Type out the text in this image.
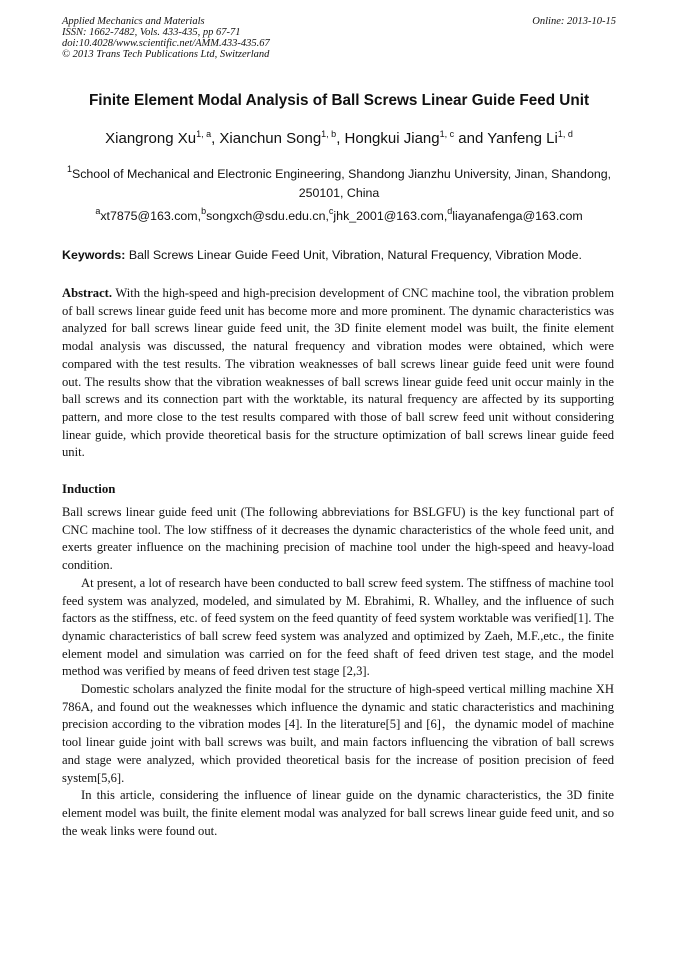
Applied Mechanics and Materials	Online: 2013-10-15
ISSN: 1662-7482, Vols. 433-435, pp 67-71
doi:10.4028/www.scientific.net/AMM.433-435.67
© 2013 Trans Tech Publications Ltd, Switzerland
Finite Element Modal Analysis of Ball Screws Linear Guide Feed Unit
Xiangrong Xu$^{1, a}$, Xianchun Song$^{1, b}$, Hongkui Jiang$^{1, c}$ and Yanfeng Li$^{1, d}$
$^1$School of Mechanical and Electronic Engineering, Shandong Jianzhu University, Jinan, Shandong, 250101, China
$^a$xt7875@163.com,$^b$songxch@sdu.edu.cn,$^c$jhk_2001@163.com,$^d$liayanafenga@163.com
Keywords: Ball Screws Linear Guide Feed Unit, Vibration, Natural Frequency, Vibration Mode.
Abstract. With the high-speed and high-precision development of CNC machine tool, the vibration problem of ball screws linear guide feed unit has become more and more prominent. The dynamic characteristics was analyzed for ball screws linear guide feed unit, the 3D finite element model was built, the finite element modal analysis was discussed, the natural frequency and vibration modes were obtained, which were compared with the test results. The vibration weaknesses of ball screws linear guide feed unit were found out. The results show that the vibration weaknesses of ball screws linear guide feed unit occur mainly in the ball screws and its connection part with the worktable, its natural frequency are affected by its supporting pattern, and more close to the test results compared with those of ball screw feed unit without considering linear guide, which provide theoretical basis for the structure optimization of ball screws linear guide feed unit.
Induction

Ball screws linear guide feed unit (The following abbreviations for BSLGFU) is the key functional part of CNC machine tool. The low stiffness of it decreases the dynamic characteristics of the whole feed unit, and exerts greater influence on the machining precision of machine tool under the high-speed and heavy-load condition.

At present, a lot of research have been conducted to ball screw feed system. The stiffness of machine tool feed system was analyzed, modeled, and simulated by M. Ebrahimi, R. Whalley, and the influence of such factors as the stiffness, etc. of feed system on the feed quantity of feed system worktable was verified[1]. The dynamic characteristics of ball screw feed system was analyzed and optimized by Zaeh, M.F.,etc., the finite element model and simulation was carried on for the feed shaft of feed driven test stage, and the model method was verified by means of feed driven test stage [2,3].

Domestic scholars analyzed the finite modal for the structure of high-speed vertical milling machine XH 786A, and found out the weaknesses which influence the dynamic and static characteristics and machining precision according to the vibration modes [4]. In the literature[5] and [6]，the dynamic model of machine tool linear guide joint with ball screws was built, and main factors influencing the vibration of ball screws and stage were analyzed, which provided theoretical basis for the increase of position precision of feed system[5,6].

In this article, considering the influence of linear guide on the dynamic characteristics, the 3D finite element model was built, the finite element modal was analyzed for ball screws linear guide feed unit, and so the weak links were found out.
